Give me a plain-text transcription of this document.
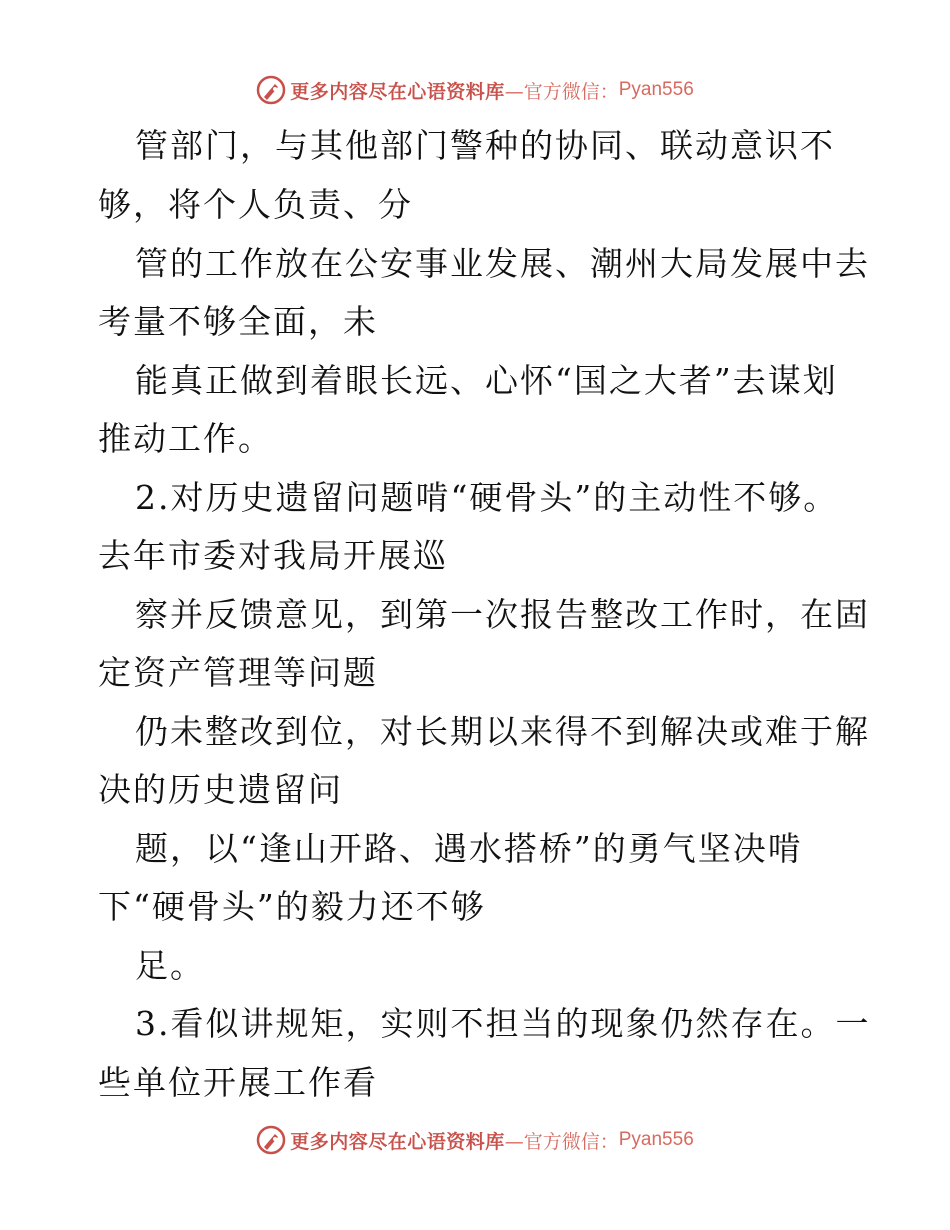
更多内容尽在心语资料库 —官方微信： Pyan556
管部门，与其他部门警种的协同、联动意识不
够，将个人负责、分
管的工作放在公安事业发展、潮州大局发展中去
考量不够全面，未
能真正做到着眼长远、心怀“国之大者”去谋划
推动工作。
2.对历史遗留问题啃“硬骨头”的主动性不够。
去年市委对我局开展巡
察并反馈意见，到第一次报告整改工作时，在固
定资产管理等问题
仍未整改到位，对长期以来得不到解决或难于解
决的历史遗留问
题，以“逢山开路、遇水搭桥”的勇气坚决啃
下“硬骨头”的毅力还不够
足。
3.看似讲规矩，实则不担当的现象仍然存在。一
些单位开展工作看
更多内容尽在心语资料库 —官方微信： Pyan556
